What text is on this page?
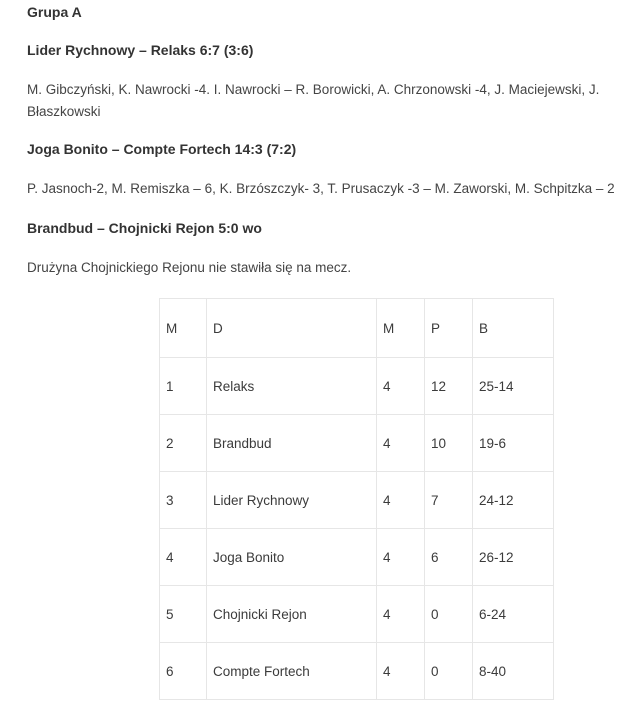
Grupa A

Lider Rychnowy – Relaks 6:7 (3:6)

M. Gibczyński, K. Nawrocki -4. I. Nawrocki – R. Borowicki, A. Chrzonowski -4, J. Maciejewski, J. Błaszkowski

Joga Bonito – Compte Fortech 14:3 (7:2)

P. Jasnoch-2, M. Remiszka – 6, K. Brzószczyk- 3, T. Prusaczyk -3 – M. Zaworski, M. Schpitzka – 2

Brandbud – Chojnicki Rejon 5:0 wo

Drużyna Chojnickiego Rejonu nie stawiła się na mecz.

M	D	M	P	B
1	Relaks	4	12	25-14
2	Brandbud	4	10	19-6
3	Lider Rychnowy	4	7	24-12
4	Joga Bonito	4	6	26-12
5	Chojnicki Rejon	4	0	6-24
6	Compte Fortech	4	0	8-40
